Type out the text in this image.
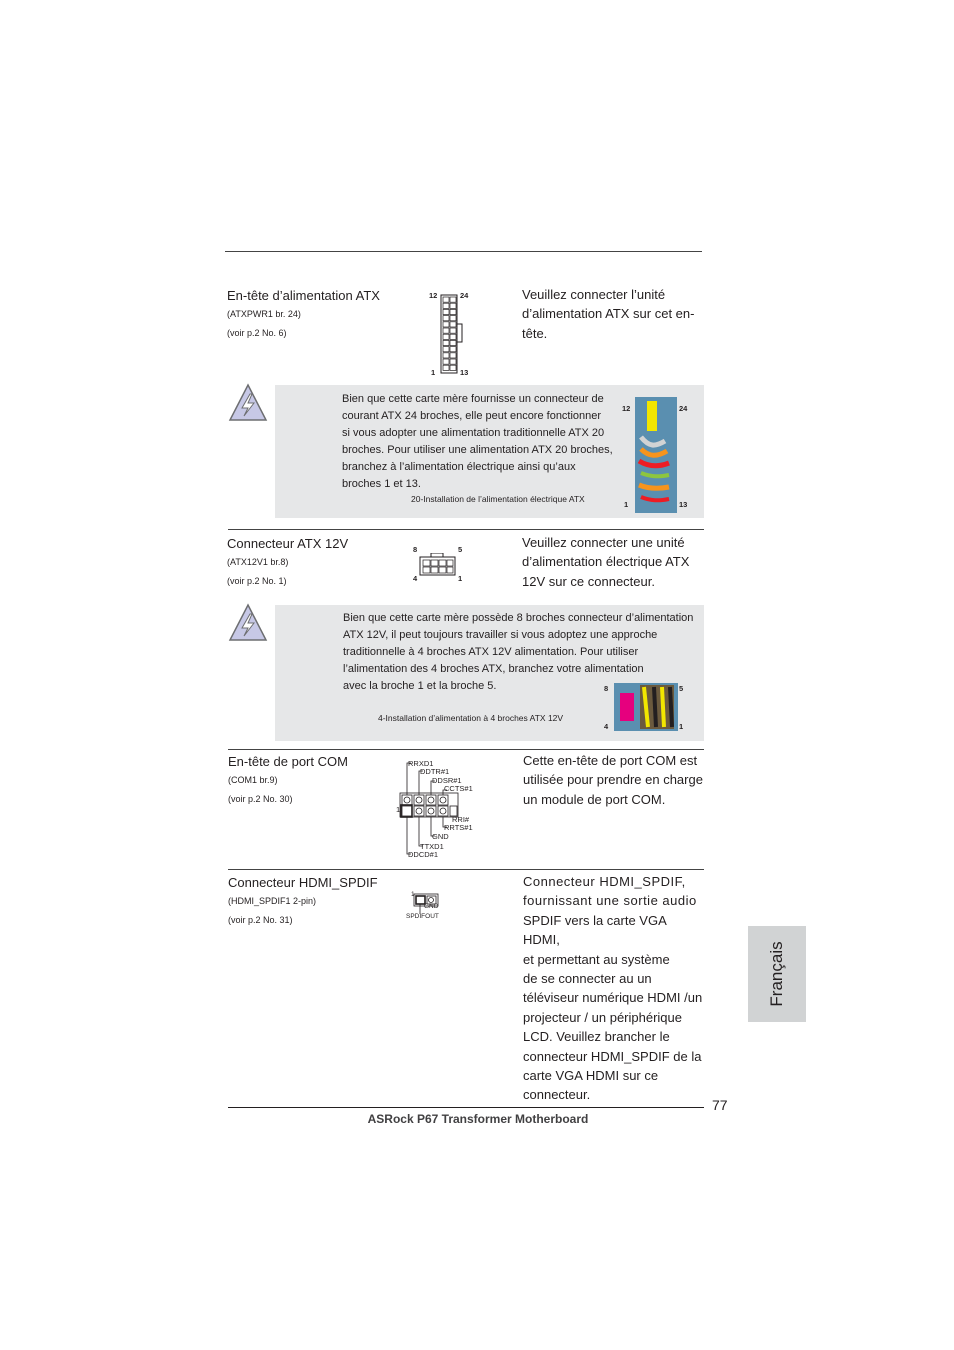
En-tête d’alimentation ATX
(ATXPWR1 br. 24)
(voir p.2 No. 6)
12	24
1	13
Veuillez connecter l’unité
d’alimentation ATX sur cet en-
tête.
Bien que cette carte mère fournisse un connecteur de
courant ATX 24 broches, elle peut encore fonctionner
si vous adopter une alimentation traditionnelle ATX 20
broches. Pour utiliser une alimentation ATX 20 broches,
branchez à l’alimentation électrique ainsi qu’aux
broches 1 et 13.
20-Installation de l’alimentation électrique ATX
12	24
1	13
Connecteur ATX 12V
(ATX12V1 br.8)
(voir p.2 No. 1)
8	5
4	1
Veuillez connecter une unité
d’alimentation électrique ATX
12V sur ce connecteur.
Bien que cette carte mère possède 8 broches connecteur d’alimentation
ATX 12V, il peut toujours travailler si vous adoptez une approche
traditionnelle à 4 broches ATX 12V alimentation. Pour utiliser
l’alimentation des 4 broches ATX, branchez votre alimentation
avec la broche 1 et la broche 5.
4-Installation d’alimentation à 4 broches ATX 12V
8	5
4	1
En-tête de port COM
(COM1 br.9)
(voir p.2 No. 30)
RRXD1
DDTR#1
DDSR#1
CCTS#1
RRI#
RRTS#1
GND
TTXD1
DDCD#1
1
Cette en-tête de port COM est
utilisée pour prendre en charge
un module de port COM.
Connecteur HDMI_SPDIF
(HDMI_SPDIF1 2-pin)
(voir p.2 No. 31)
1
GND
SPDIFOUT
Connecteur HDMI_SPDIF,
fournissant une sortie audio
SPDIF vers la carte VGA HDMI,
et permettant au système
de se connecter au un
téléviseur numérique HDMI /un
projecteur / un périphérique
LCD. Veuillez brancher le
connecteur HDMI_SPDIF de la
carte VGA HDMI sur ce
connecteur.
Français
77
ASRock P67 Transformer Motherboard
